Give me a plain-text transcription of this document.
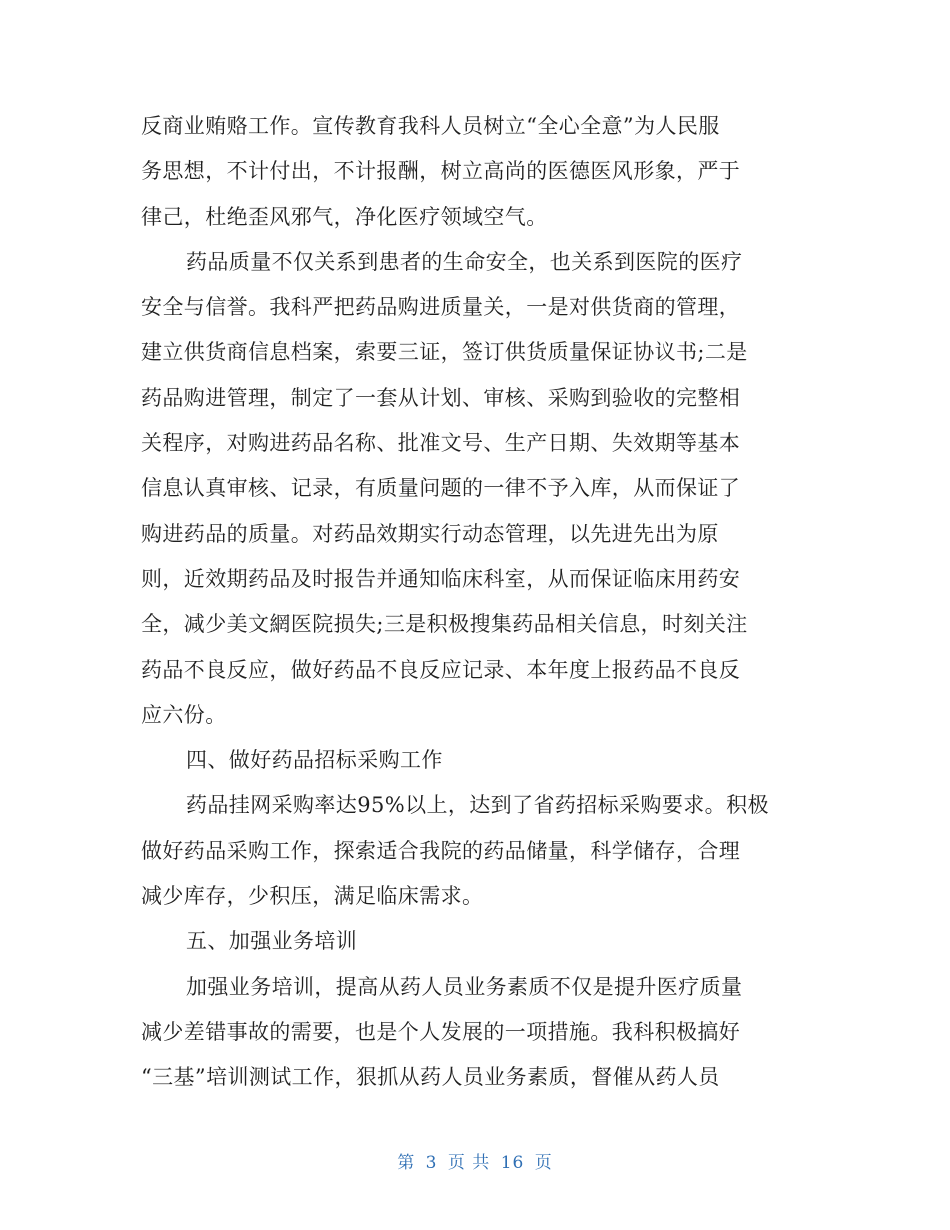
反商业贿赂工作。宣传教育我科人员树立“全心全意”为人民服
务思想，不计付出，不计报酬，树立高尚的医德医风形象，严于
律己，杜绝歪风邪气，净化医疗领域空气。
药品质量不仅关系到患者的生命安全，也关系到医院的医疗
安全与信誉。我科严把药品购进质量关，一是对供货商的管理，
建立供货商信息档案，索要三证，签订供货质量保证协议书;二是
药品购进管理，制定了一套从计划、审核、采购到验收的完整相
关程序，对购进药品名称、批准文号、生产日期、失效期等基本
信息认真审核、记录，有质量问题的一律不予入库，从而保证了
购进药品的质量。对药品效期实行动态管理，以先进先出为原
则，近效期药品及时报告并通知临床科室，从而保证临床用药安
全，减少美文網医院损失;三是积极搜集药品相关信息，时刻关注
药品不良反应，做好药品不良反应记录、本年度上报药品不良反
应六份。
四、做好药品招标采购工作
药品挂网采购率达95%以上，达到了省药招标采购要求。积极
做好药品采购工作，探索适合我院的药品储量，科学储存，合理
减少库存，少积压，满足临床需求。
五、加强业务培训
加强业务培训，提高从药人员业务素质不仅是提升医疗质量
减少差错事故的需要，也是个人发展的一项措施。我科积极搞好
“三基”培训测试工作，狠抓从药人员业务素质，督催从药人员
第 3 页 共 16 页
